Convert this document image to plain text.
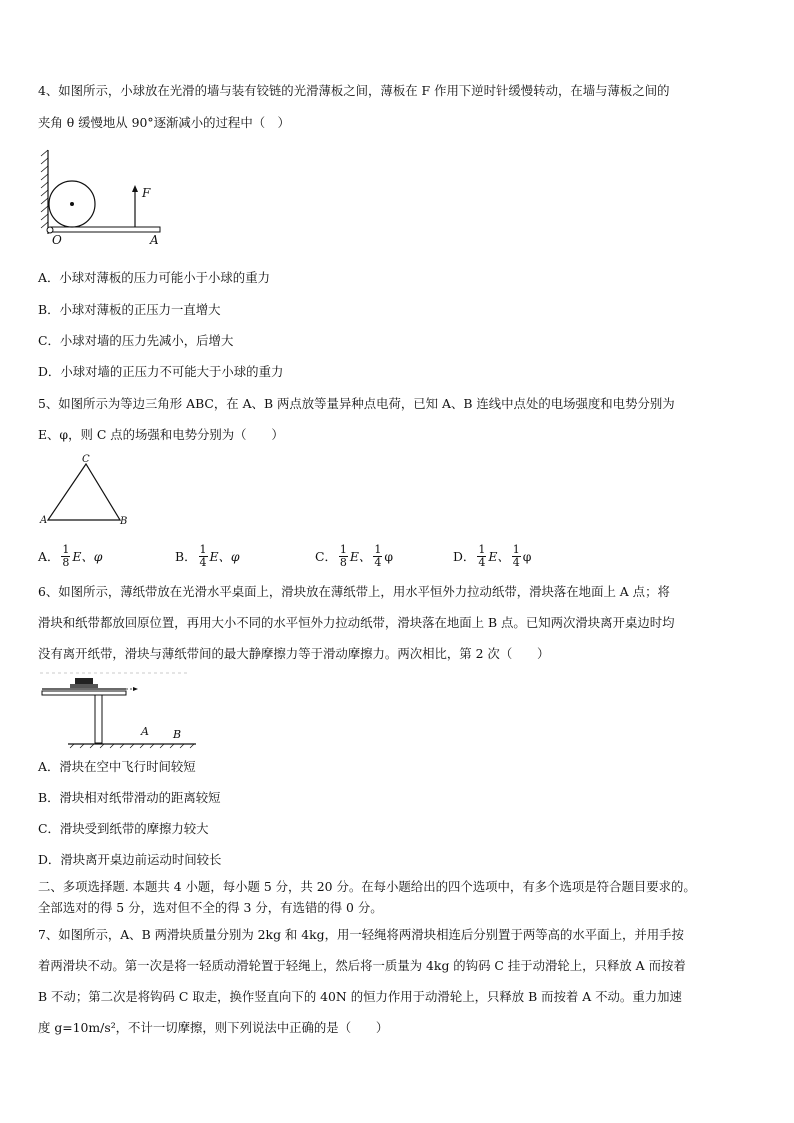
4、如图所示，小球放在光滑的墙与装有铰链的光滑薄板之间，薄板在 F 作用下逆时针缓慢转动，在墙与薄板之间的
夹角 θ 缓慢地从 90°逐渐减小的过程中（　）
F
O	A
A．小球对薄板的压力可能小于小球的重力
B．小球对薄板的正压力一直增大
C．小球对墙的压力先减小，后增大
D．小球对墙的正压力不可能大于小球的重力
5、如图所示为等边三角形 ABC，在 A、B 两点放等量异种点电荷，已知 A、B 连线中点处的电场强度和电势分别为
E、φ，则 C 点的场强和电势分别为（　　）
C
A	B
A． $\frac{1}{8}$ E、φ	B． $\frac{1}{4}$ E、φ	C． $\frac{1}{8}$ E、 $\frac{1}{4}$ φ	D． $\frac{1}{4}$ E、 $\frac{1}{4}$ φ
6、如图所示，薄纸带放在光滑水平桌面上，滑块放在薄纸带上，用水平恒外力拉动纸带，滑块落在地面上 A 点；将
滑块和纸带都放回原位置，再用大小不同的水平恒外力拉动纸带，滑块落在地面上 B 点。已知两次滑块离开桌边时均
没有离开纸带，滑块与薄纸带间的最大静摩擦力等于滑动摩擦力。两次相比，第 2 次（　　）
A B
A．滑块在空中飞行时间较短
B．滑块相对纸带滑动的距离较短
C．滑块受到纸带的摩擦力较大
D．滑块离开桌边前运动时间较长
二、多项选择题. 本题共 4 小题，每小题 5 分，共 20 分。在每小题给出的四个选项中，有多个选项是符合题目要求的。
全部选对的得 5 分，选对但不全的得 3 分，有选错的得 0 分。
7、如图所示，A、B 两滑块质量分别为 2kg 和 4kg，用一轻绳将两滑块相连后分别置于两等高的水平面上，并用手按
着两滑块不动。第一次是将一轻质动滑轮置于轻绳上，然后将一质量为 4kg 的钩码 C 挂于动滑轮上，只释放 A 而按着
B 不动；第二次是将钩码 C 取走，换作竖直向下的 40N 的恒力作用于动滑轮上，只释放 B 而按着 A 不动。重力加速
度 g=10m/s²，不计一切摩擦，则下列说法中正确的是（　　）
